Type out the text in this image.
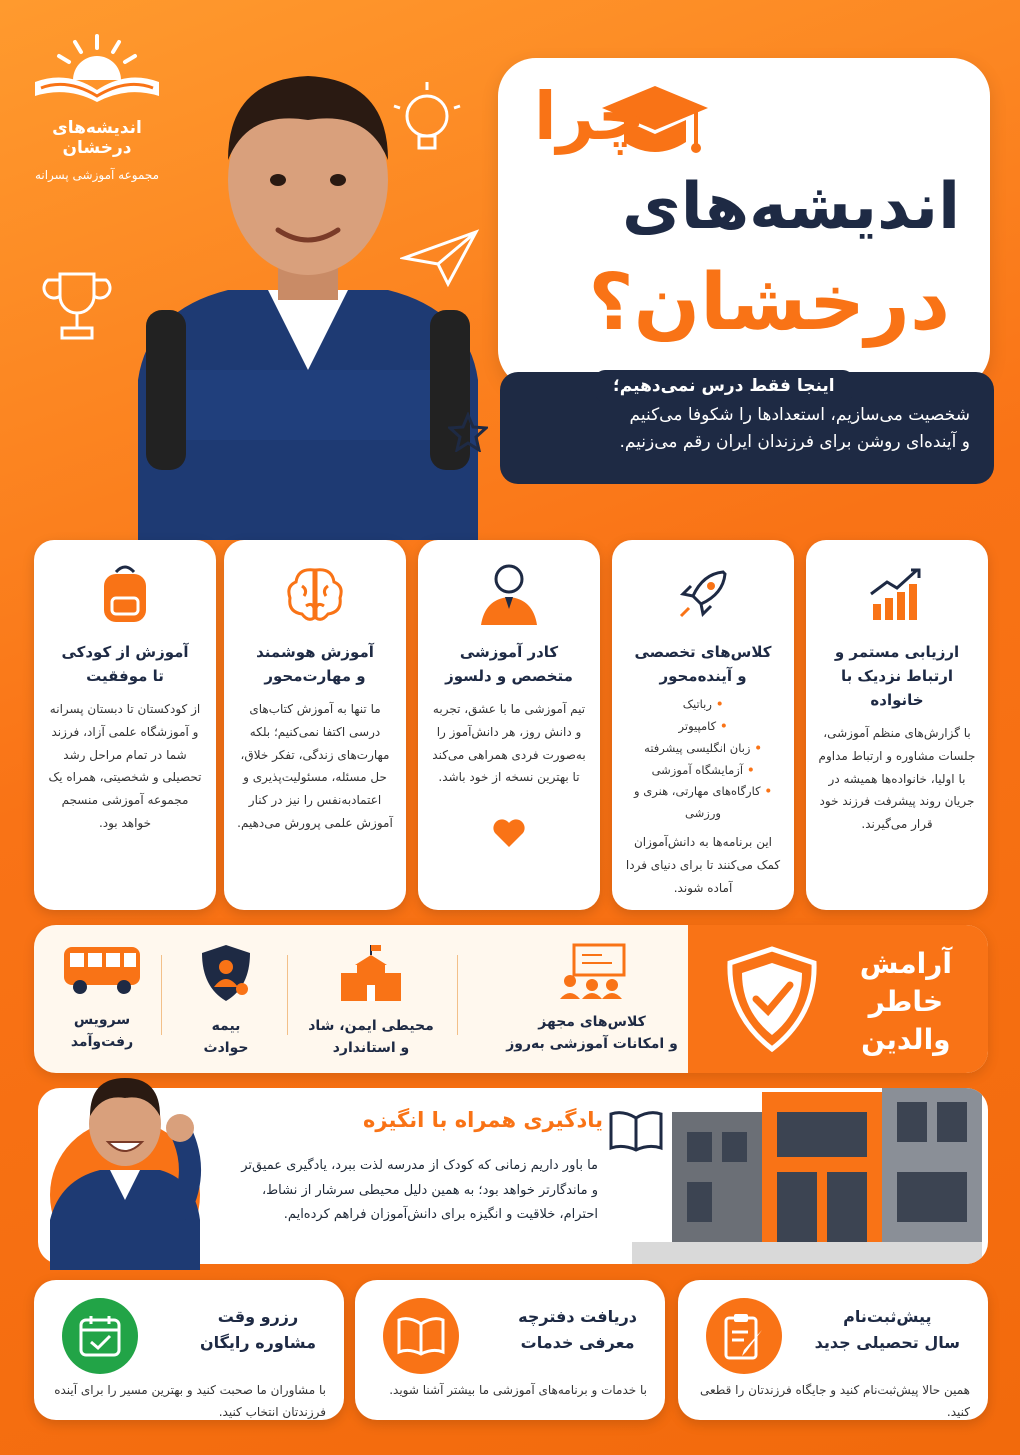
اندیشه‌های درخشان
مجموعه آموزشی پسرانه
چرا
اندیشه‌های
درخشان؟
شخصیت می‌سازیم، استعدادها را شکوفا می‌کنیم
و آینده‌ای روشن برای فرزندان ایران رقم می‌زنیم.
اینجا فقط درس نمی‌دهیم؛
ارزیابی مستمر و
ارتباط نزدیک با خانواده

با گزارش‌های منظم آموزشی، جلسات مشاوره و ارتباط مداوم با اولیا، خانواده‌ها همیشه در جریان روند پیشرفت فرزند خود قرار می‌گیرند.

کلاس‌های تخصصی
و آینده‌محور
• رباتیک
• کامپیوتر
• زبان انگلیسی پیشرفته
• آزمایشگاه آموزشی
• کارگاه‌های مهارتی، هنری و ورزشی

این برنامه‌ها به دانش‌آموزان کمک می‌کنند تا برای دنیای فردا آماده شوند.

کادر آموزشی
متخصص و دلسوز

تیم آموزشی ما با عشق، تجربه و دانش روز، هر دانش‌آموز را به‌صورت فردی همراهی می‌کند تا بهترین نسخه از خود باشد.

آموزش هوشمند
و مهارت‌محور

ما تنها به آموزش کتاب‌های درسی اکتفا نمی‌کنیم؛ بلکه مهارت‌های زندگی، تفکر خلاق، حل مسئله، مسئولیت‌پذیری و اعتمادبه‌نفس را نیز در کنار آموزش علمی پرورش می‌دهیم.

آموزش از کودکی
تا موفقیت

از کودکستان تا دبستان پسرانه و آموزشگاه علمی آزاد، فرزند شما در تمام مراحل رشد تحصیلی و شخصیتی، همراه یک مجموعه آموزشی منسجم خواهد بود.

آرامش
خاطر
والدین
کلاس‌های مجهز
و امکانات آموزشی به‌روز
محیطی ایمن، شاد
و استاندارد
بیمه
حوادث
سرویس
رفت‌وآمد
یادگیری همراه با انگیزه

ما باور داریم زمانی که کودک از مدرسه لذت ببرد، یادگیری عمیق‌تر و ماندگارتر خواهد بود؛ به همین دلیل محیطی سرشار از نشاط، احترام، خلاقیت و انگیزه برای دانش‌آموزان فراهم کرده‌ایم.

پیش‌ثبت‌نام
سال تحصیلی جدید

همین حالا پیش‌ثبت‌نام کنید و جایگاه فرزندتان را قطعی کنید.

دریافت دفترچه
معرفی خدمات

با خدمات و برنامه‌های آموزشی ما بیشتر آشنا شوید.

رزرو وقت
مشاوره رایگان

با مشاوران ما صحبت کنید و بهترین مسیر را برای آینده فرزندتان انتخاب کنید.
